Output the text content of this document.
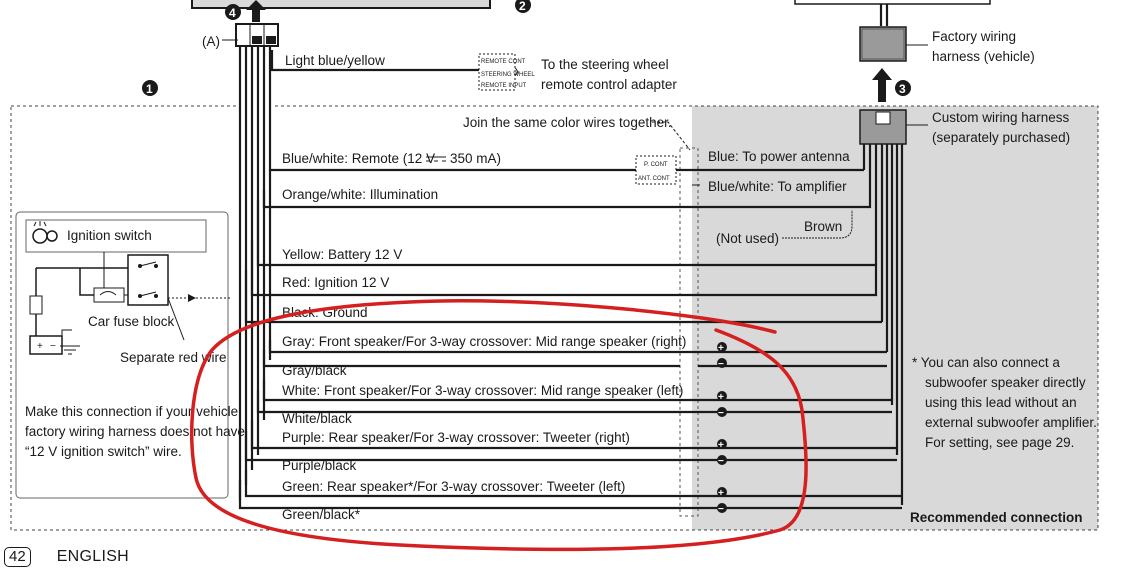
(A)
4	2
1	3
Factory wiring
harness (vehicle)
Custom wiring harness
(separately purchased)
REMOTE CONT
STEERING WHEEL
REMOTE INPUT
Light blue/yellow	To the steering wheel
remote control adapter
Join the same color wires together.
P. CONT
ANT. CONT
Blue/white: Remote (12 V 350 mA)	Blue: To power antenna
Blue/white: To amplifier
Orange/white: Illumination
Brown
(Not used)
Yellow: Battery 12 V
Red: Ignition 12 V
Black: Ground
Gray: Front speaker/For 3-way crossover: Mid range speaker (right)
Gray/black
White: Front speaker/For 3-way crossover: Mid range speaker (left)
White/black
Purple: Rear speaker/For 3-way crossover: Tweeter (right)
Purple/black
Green: Rear speaker*/For 3-way crossover: Tweeter (left)
Green/black*
+
−
+
−
+
−
+
−
Ignition switch
Car fuse block
Separate red wire
+ −
Make this connection if your vehicle
factory wiring harness does not have
“12 V ignition switch” wire.
* You can also connect a
subwoofer speaker directly
using this lead without an
external subwoofer amplifier.
For setting, see page 29.
Recommended connection
42	ENGLISH
